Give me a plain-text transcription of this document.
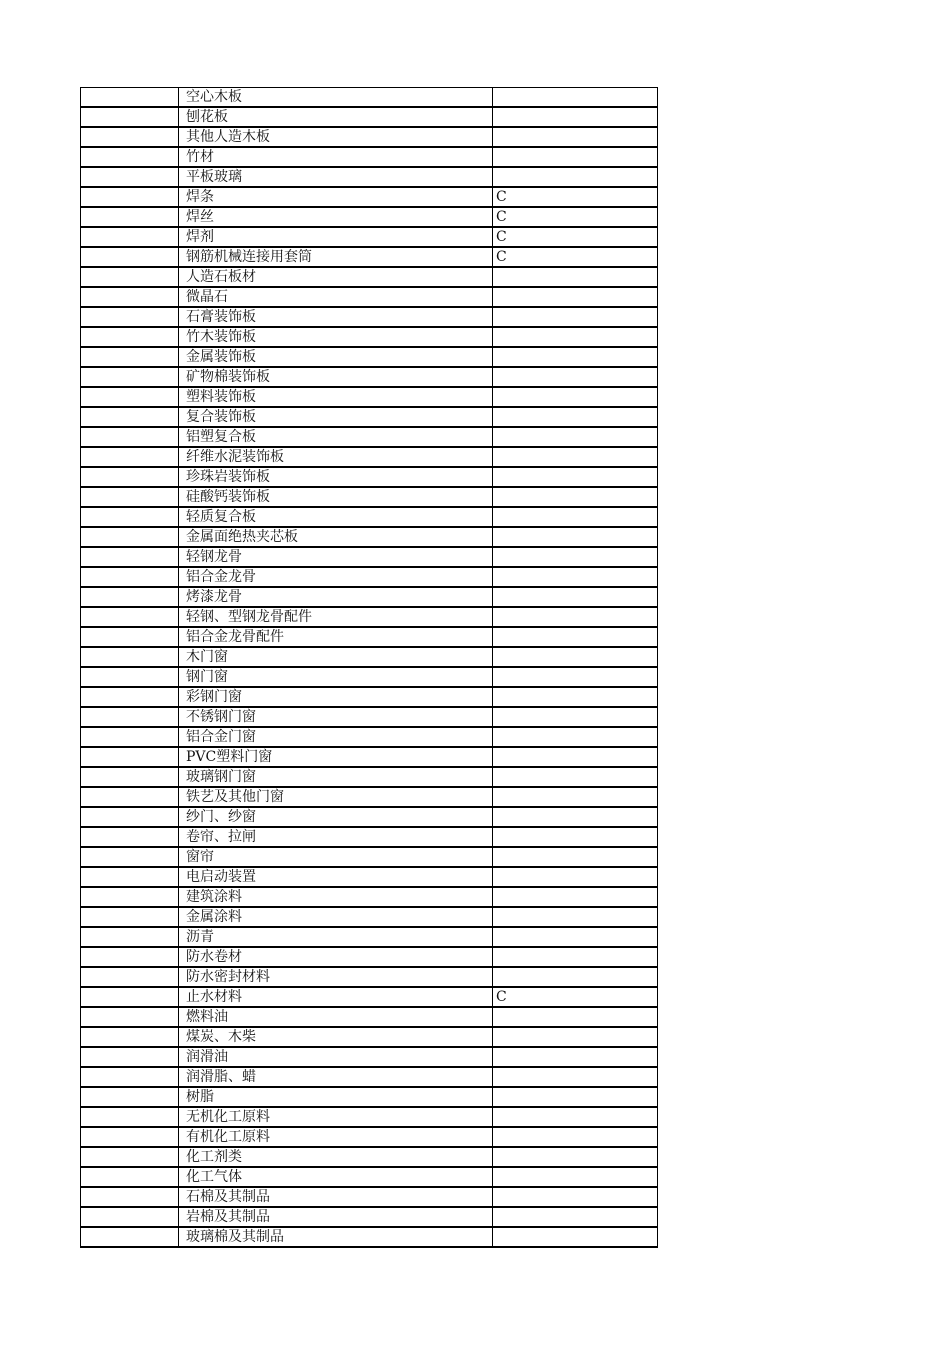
	空心木板	
	刨花板	
	其他人造木板	
	竹材	
	平板玻璃	
	焊条	C
	焊丝	C
	焊剂	C
	钢筋机械连接用套筒	C
	人造石板材	
	微晶石	
	石膏装饰板	
	竹木装饰板	
	金属装饰板	
	矿物棉装饰板	
	塑料装饰板	
	复合装饰板	
	铝塑复合板	
	纤维水泥装饰板	
	珍珠岩装饰板	
	硅酸钙装饰板	
	轻质复合板	
	金属面绝热夹芯板	
	轻钢龙骨	
	铝合金龙骨	
	烤漆龙骨	
	轻钢、型钢龙骨配件	
	铝合金龙骨配件	
	木门窗	
	钢门窗	
	彩钢门窗	
	不锈钢门窗	
	铝合金门窗	
	PVC塑料门窗	
	玻璃钢门窗	
	铁艺及其他门窗	
	纱门、纱窗	
	卷帘、拉闸	
	窗帘	
	电启动装置	
	建筑涂料	
	金属涂料	
	沥青	
	防水卷材	
	防水密封材料	
	止水材料	C
	燃料油	
	煤炭、木柴	
	润滑油	
	润滑脂、蜡	
	树脂	
	无机化工原料	
	有机化工原料	
	化工剂类	
	化工气体	
	石棉及其制品	
	岩棉及其制品	
	玻璃棉及其制品	
